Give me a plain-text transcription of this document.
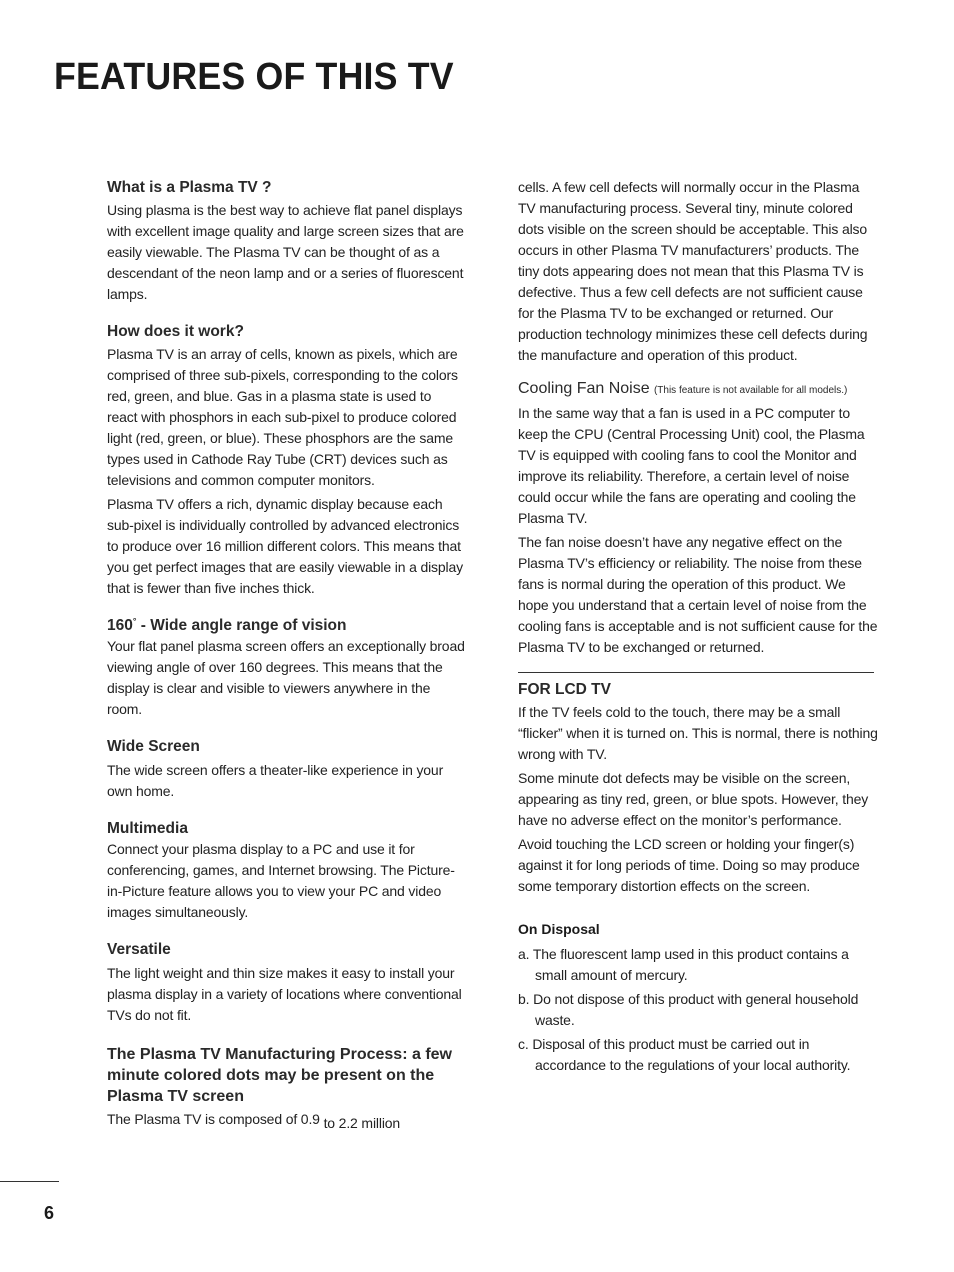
FEATURES OF THIS TV
What is a Plasma TV ?

Using plasma is the best way to achieve flat panel displays with excellent image quality and large screen sizes that are easily viewable. The Plasma TV can be thought of as a descendant of the neon lamp and or a series of fluorescent lamps.

How does it work?

Plasma TV is an array of cells, known as pixels, which are comprised of three sub-pixels, corresponding to the colors red, green, and blue. Gas in a plasma state is used to react with phosphors in each sub-pixel to produce colored light (red, green, or blue). These phosphors are the same types used in Cathode Ray Tube (CRT) devices such as televisions and common computer monitors.

Plasma TV offers a rich, dynamic display because each sub-pixel is individually controlled by advanced electronics to produce over 16 million different colors. This means that you get perfect images that are easily viewable in a display that is fewer than five inches thick.

160° - Wide angle range of vision

Your flat panel plasma screen offers an exceptionally broad viewing angle of over 160 degrees. This means that the display is clear and visible to viewers anywhere in the room.

Wide Screen

The wide screen offers a theater-like experience in your own home.

Multimedia

Connect your plasma display to a PC and use it for conferencing, games, and Internet browsing. The Picture-in-Picture feature allows you to view your PC and video images simultaneously.

Versatile

The light weight and thin size makes it easy to install your plasma display in a variety of locations where conventional TVs do not fit.

The Plasma TV Manufacturing Process: a few minute colored dots may be present on the Plasma TV screen

The Plasma TV is composed of 0.9 to 2.2 million

cells. A few cell defects will normally occur in the Plasma TV manufacturing process. Several tiny, minute colored dots visible on the screen should be acceptable. This also occurs in other Plasma TV manufacturers’ products. The tiny dots appearing does not mean that this Plasma TV is defective. Thus a few cell defects are not sufficient cause for the Plasma TV to be exchanged or returned. Our production technology minimizes these cell defects during the manufacture and operation of this product.

Cooling Fan Noise (This feature is not available for all models.)

In the same way that a fan is used in a PC computer to keep the CPU (Central Processing Unit) cool, the Plasma TV is equipped with cooling fans to cool the Monitor and improve its reliability. Therefore, a certain level of noise could occur while the fans are operating and cooling the Plasma TV.

The fan noise doesn’t have any negative effect on the Plasma TV’s efficiency or reliability. The noise from these fans is normal during the operation of this product. We hope you understand that a certain level of noise from the cooling fans is acceptable and is not sufficient cause for the Plasma TV to be exchanged or returned.

FOR LCD TV

If the TV feels cold to the touch, there may be a small “flicker” when it is turned on. This is normal, there is nothing wrong with TV.

Some minute dot defects may be visible on the screen, appearing as tiny red, green, or blue spots. However, they have no adverse effect on the monitor’s performance.

Avoid touching the LCD screen or holding your finger(s) against it for long periods of time. Doing so may produce some temporary distortion effects on the screen.

On Disposal
a. The fluorescent lamp used in this product contains a small amount of mercury.
b. Do not dispose of this product with general household waste.
c. Disposal of this product must be carried out in accordance to the regulations of your local authority.
6
